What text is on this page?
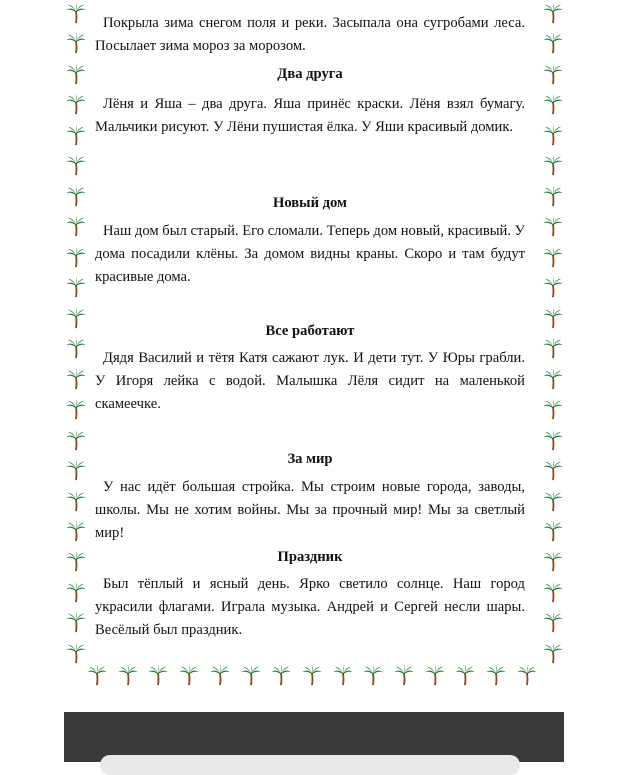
Покрыла зима снегом поля и реки. Засыпала она сугробами леса. Посылает зима мороз за морозом.

Два друга

Лёня и Яша – два друга. Яша принёс краски. Лёня взял бумагу. Мальчики рисуют. У Лёни пушистая ёлка. У Яши красивый домик.

Новый дом

Наш дом был старый. Его сломали. Теперь дом новый, красивый. У дома посадили клёны. За домом видны краны. Скоро и там будут красивые дома.

Все работают

Дядя Василий и тётя Катя сажают лук. И дети тут. У Юры грабли. У Игоря лейка с водой. Малышка Лёля сидит на маленькой скамеечке.

За мир

У нас идёт большая стройка. Мы строим новые города, заводы, школы. Мы не хотим войны. Мы за прочный мир! Мы за светлый мир!

Праздник

Был тёплый и ясный день. Ярко светило солнце. Наш город украсили флагами. Играла музыка. Андрей и Сергей несли шары. Весёлый был праздник.
